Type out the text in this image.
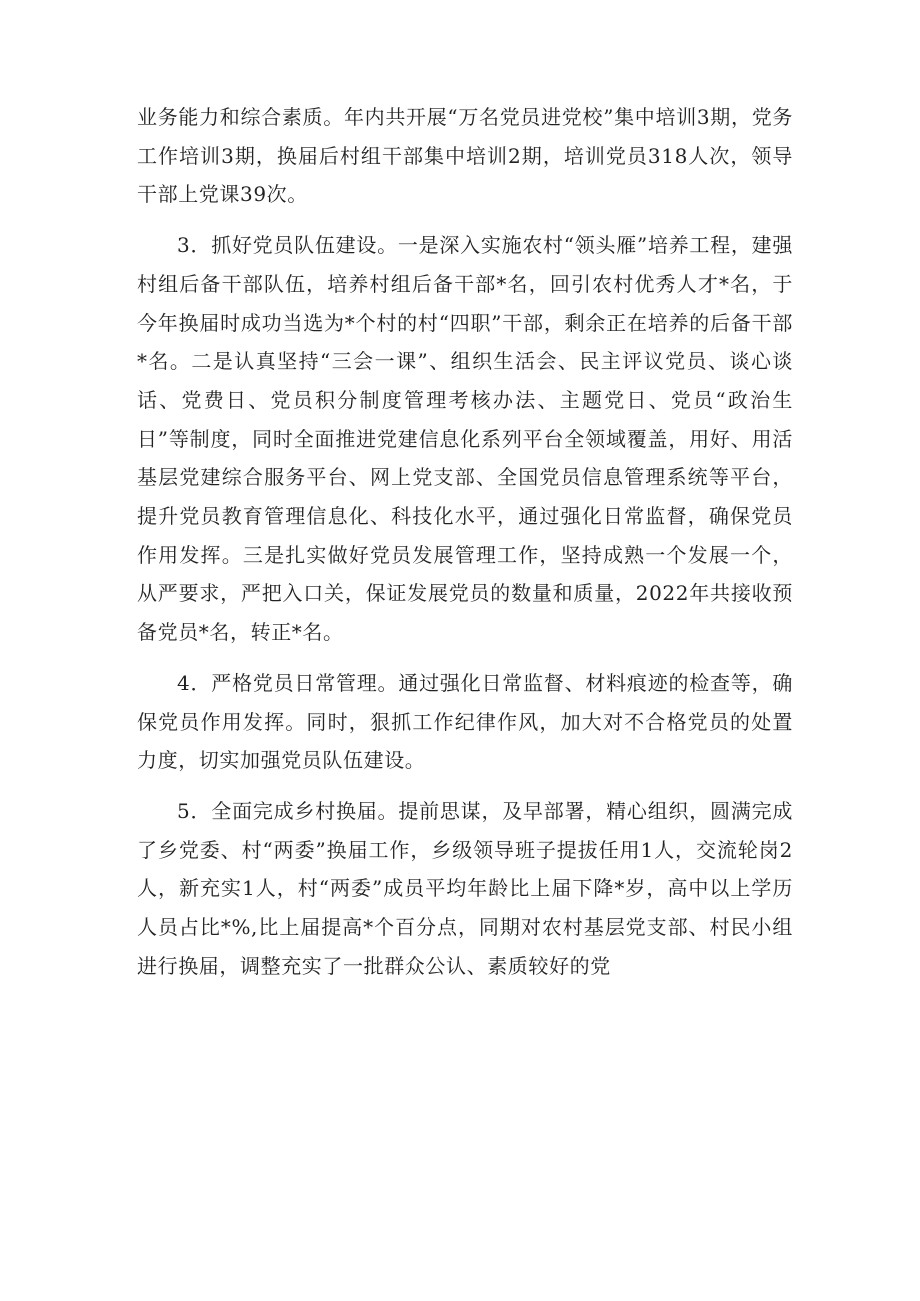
业务能力和综合素质。年内共开展“万名党员进党校”集中培训3期，党务工作培训3期，换届后村组干部集中培训2期，培训党员318人次，领导干部上党课39次。

3．抓好党员队伍建设。一是深入实施农村“领头雁”培养工程，建强村组后备干部队伍，培养村组后备干部*名，回引农村优秀人才*名，于今年换届时成功当选为*个村的村“四职”干部，剩余正在培养的后备干部*名。二是认真坚持“三会一课”、组织生活会、民主评议党员、谈心谈话、党费日、党员积分制度管理考核办法、主题党日、党员“政治生日”等制度，同时全面推进党建信息化系列平台全领域覆盖，用好、用活基层党建综合服务平台、网上党支部、全国党员信息管理系统等平台，提升党员教育管理信息化、科技化水平，通过强化日常监督，确保党员作用发挥。三是扎实做好党员发展管理工作，坚持成熟一个发展一个，从严要求，严把入口关，保证发展党员的数量和质量，2022年共接收预备党员*名，转正*名。

4．严格党员日常管理。通过强化日常监督、材料痕迹的检查等，确保党员作用发挥。同时，狠抓工作纪律作风，加大对不合格党员的处置力度，切实加强党员队伍建设。

5．全面完成乡村换届。提前思谋，及早部署，精心组织，圆满完成了乡党委、村“两委”换届工作，乡级领导班子提拔任用1人，交流轮岗2人，新充实1人，村“两委”成员平均年龄比上届下降*岁，高中以上学历人员占比*%,比上届提高*个百分点，同期对农村基层党支部、村民小组进行换届，调整充实了一批群众公认、素质较好的党
